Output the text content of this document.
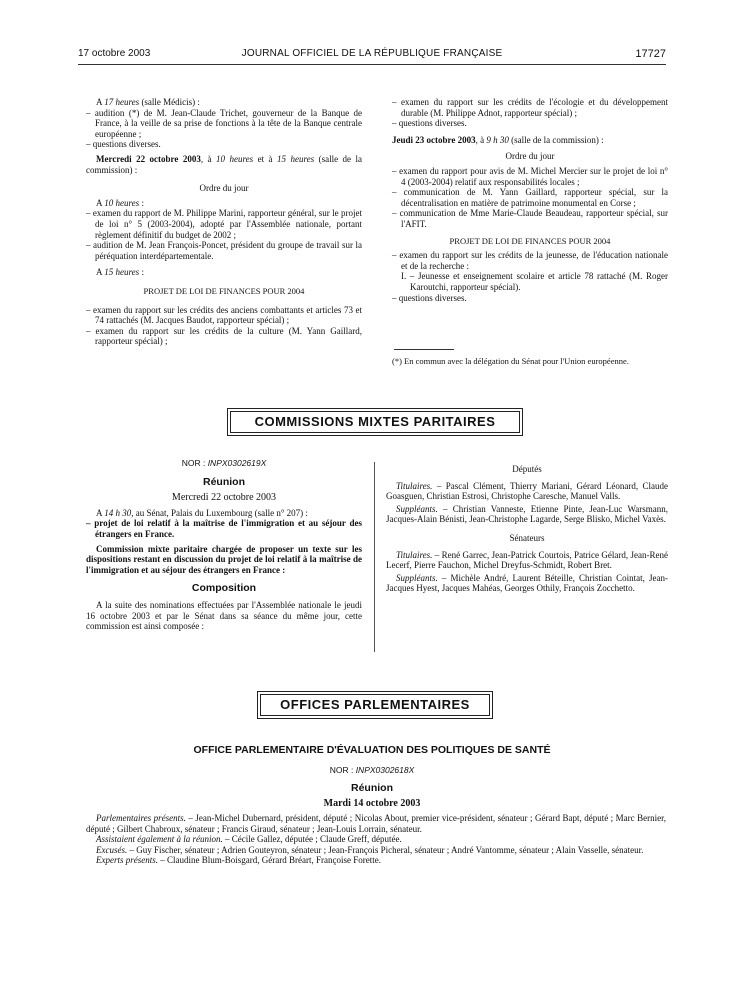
17 octobre 2003	JOURNAL OFFICIEL DE LA RÉPUBLIQUE FRANÇAISE	17727

A 17 heures (salle Médicis) :

– audition (*) de M. Jean-Claude Trichet, gouverneur de la Banque de France, à la veille de sa prise de fonctions à la tête de la Banque centrale européenne ;

– questions diverses.

Mercredi 22 octobre 2003, à 10 heures et à 15 heures (salle de la commission) :

Ordre du jour

A 10 heures :

– examen du rapport de M. Philippe Marini, rapporteur général, sur le projet de loi n° 5 (2003-2004), adopté par l'Assemblée nationale, portant règlement définitif du budget de 2002 ;

– audition de M. Jean François-Poncet, président du groupe de travail sur la péréquation interdépartementale.

A 15 heures :

PROJET DE LOI DE FINANCES POUR 2004

– examen du rapport sur les crédits des anciens combattants et articles 73 et 74 rattachés (M. Jacques Baudot, rapporteur spécial) ;

– examen du rapport sur les crédits de la culture (M. Yann Gaillard, rapporteur spécial) ;

– examen du rapport sur les crédits de l'écologie et du développement durable (M. Philippe Adnot, rapporteur spécial) ;

– questions diverses.

Jeudi 23 octobre 2003, à 9 h 30 (salle de la commission) :

Ordre du jour

– examen du rapport pour avis de M. Michel Mercier sur le projet de loi n° 4 (2003-2004) relatif aux responsabilités locales ;

– communication de M. Yann Gaillard, rapporteur spécial, sur la décentralisation en matière de patrimoine monumental en Corse ;

– communication de Mme Marie-Claude Beaudeau, rapporteur spécial, sur l'AFIT.

PROJET DE LOI DE FINANCES POUR 2004

– examen du rapport sur les crédits de la jeunesse, de l'éducation nationale et de la recherche :

I. – Jeunesse et enseignement scolaire et article 78 rattaché (M. Roger Karoutchi, rapporteur spécial).

– questions diverses.

(*) En commun avec la délégation du Sénat pour l'Union européenne.

COMMISSIONS MIXTES PARITAIRES

NOR : INPX0302619X

Réunion

Mercredi 22 octobre 2003

A 14 h 30, au Sénat, Palais du Luxembourg (salle n° 207) :

– projet de loi relatif à la maîtrise de l'immigration et au séjour des étrangers en France.

Commission mixte paritaire chargée de proposer un texte sur les dispositions restant en discussion du projet de loi relatif à la maîtrise de l'immigration et au séjour des étrangers en France :

Composition

A la suite des nominations effectuées par l'Assemblée nationale le jeudi 16 octobre 2003 et par le Sénat dans sa séance du même jour, cette commission est ainsi composée :

Députés

Titulaires. – Pascal Clément, Thierry Mariani, Gérard Léonard, Claude Goasguen, Christian Estrosi, Christophe Caresche, Manuel Valls.

Suppléants. – Christian Vanneste, Etienne Pinte, Jean-Luc Warsmann, Jacques-Alain Bénisti, Jean-Christophe Lagarde, Serge Blisko, Michel Vaxès.

Sénateurs

Titulaires. – René Garrec, Jean-Patrick Courtois, Patrice Gélard, Jean-René Lecerf, Pierre Fauchon, Michel Dreyfus-Schmidt, Robert Bret.

Suppléants. – Michèle André, Laurent Béteille, Christian Cointat, Jean-Jacques Hyest, Jacques Mahéas, Georges Othily, François Zocchetto.

OFFICES PARLEMENTAIRES
OFFICE PARLEMENTAIRE D'ÉVALUATION DES POLITIQUES DE SANTÉ
NOR : INPX0302618X
Réunion
Mardi 14 octobre 2003

Parlementaires présents. – Jean-Michel Dubernard, président, député ; Nicolas About, premier vice-président, sénateur ; Gérard Bapt, député ; Marc Bernier, député ; Gilbert Chabroux, sénateur ; Francis Giraud, sénateur ; Jean-Louis Lorrain, sénateur.

Assistaient également à la réunion. – Cécile Gallez, députée ; Claude Greff, députée.

Excusés. – Guy Fischer, sénateur ; Adrien Gouteyron, sénateur ; Jean-François Picheral, sénateur ; André Vantomme, sénateur ; Alain Vasselle, sénateur.

Experts présents. – Claudine Blum-Boisgard, Gérard Bréart, Françoise Forette.
